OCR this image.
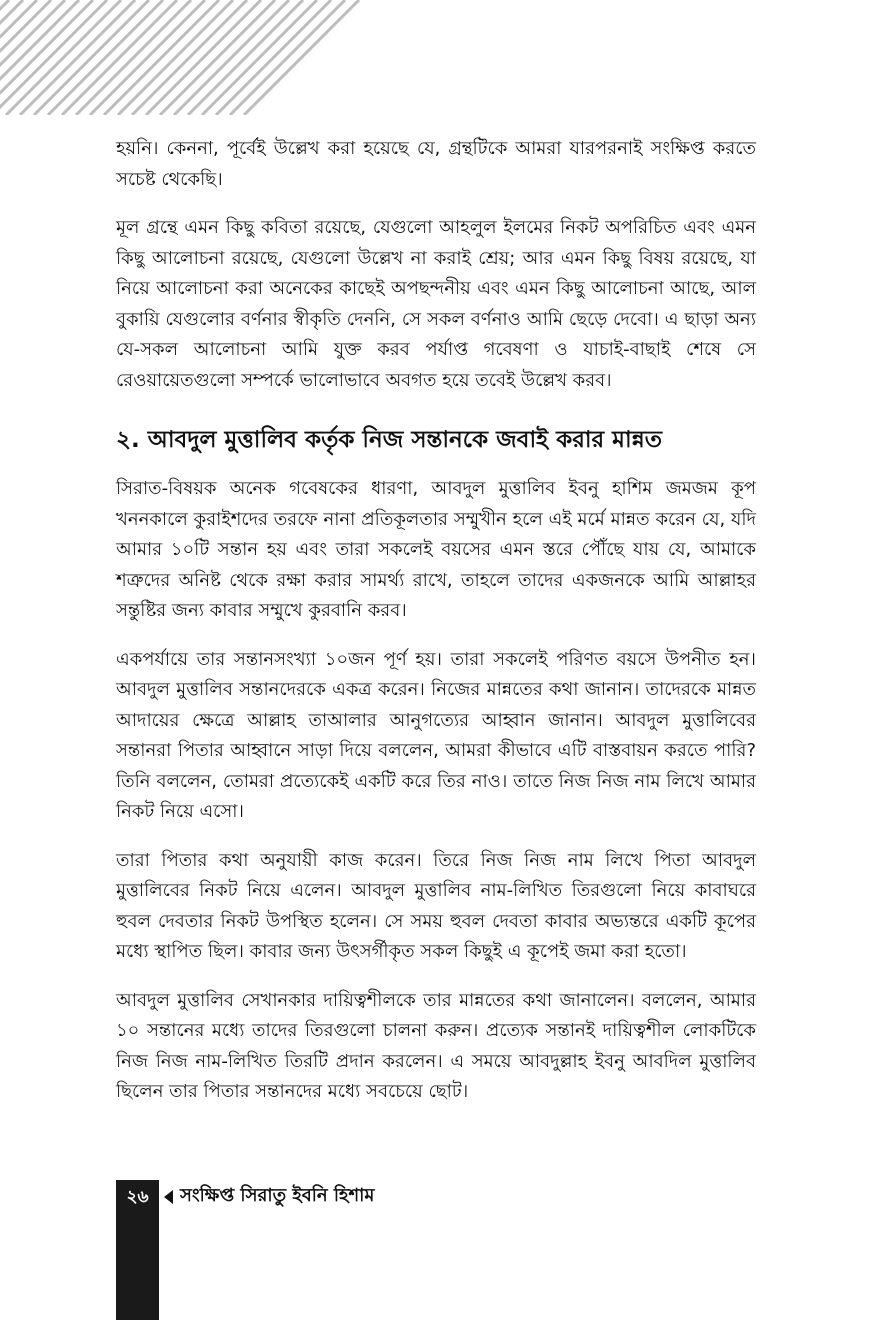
হয়নি। কেননা, পূর্বেই উল্লেখ করা হয়েছে যে, গ্রন্থটিকে আমরা যারপরনাই সংক্ষিপ্ত করতে সচেষ্ট থেকেছি।

মূল গ্রন্থে এমন কিছু কবিতা রয়েছে, যেগুলো আহলুল ইলমের নিকট অপরিচিত এবং এমন কিছু আলোচনা রয়েছে, যেগুলো উল্লেখ না করাই শ্রেয়; আর এমন কিছু বিষয় রয়েছে, যা নিয়ে আলোচনা করা অনেকের কাছেই অপছন্দনীয় এবং এমন কিছু আলোচনা আছে, আল বুকায়ি যেগুলোর বর্ণনার স্বীকৃতি দেননি, সে সকল বর্ণনাও আমি ছেড়ে দেবো। এ ছাড়া অন্য যে-সকল আলোচনা আমি যুক্ত করব পর্যাপ্ত গবেষণা ও যাচাই-বাছাই শেষে সে রেওয়ায়েতগুলো সম্পর্কে ভালোভাবে অবগত হয়ে তবেই উল্লেখ করব।

২. আবদুল মুত্তালিব কর্তৃক নিজ সন্তানকে জবাই করার মান্নত

সিরাত-বিষয়ক অনেক গবেষকের ধারণা, আবদুল মুত্তালিব ইবনু হাশিম জমজম কূপ খননকালে কুরাইশদের তরফে নানা প্রতিকূলতার সম্মুখীন হলে এই মর্মে মান্নত করেন যে, যদি আমার ১০টি সন্তান হয় এবং তারা সকলেই বয়সের এমন স্তরে পৌঁছে যায় যে, আমাকে শত্রুদের অনিষ্ট থেকে রক্ষা করার সামর্থ্য রাখে, তাহলে তাদের একজনকে আমি আল্লাহর সন্তুষ্টির জন্য কাবার সম্মুখে কুরবানি করব।

একপর্যায়ে তার সন্তানসংখ্যা ১০জন পূর্ণ হয়। তারা সকলেই পরিণত বয়সে উপনীত হন। আবদুল মুত্তালিব সন্তানদেরকে একত্র করেন। নিজের মান্নতের কথা জানান। তাদেরকে মান্নত আদায়ের ক্ষেত্রে আল্লাহ তাআলার আনুগত্যের আহ্বান জানান। আবদুল মুত্তালিবের সন্তানরা পিতার আহ্বানে সাড়া দিয়ে বললেন, আমরা কীভাবে এটি বাস্তবায়ন করতে পারি? তিনি বললেন, তোমরা প্রত্যেকেই একটি করে তির নাও। তাতে নিজ নিজ নাম লিখে আমার নিকট নিয়ে এসো।

তারা পিতার কথা অনুযায়ী কাজ করেন। তিরে নিজ নিজ নাম লিখে পিতা আবদুল মুত্তালিবের নিকট নিয়ে এলেন। আবদুল মুত্তালিব নাম-লিখিত তিরগুলো নিয়ে কাবাঘরে হুবল দেবতার নিকট উপস্থিত হলেন। সে সময় হুবল দেবতা কাবার অভ্যন্তরে একটি কূপের মধ্যে স্থাপিত ছিল। কাবার জন্য উৎসর্গীকৃত সকল কিছুই এ কূপেই জমা করা হতো।

আবদুল মুত্তালিব সেখানকার দায়িত্বশীলকে তার মান্নতের কথা জানালেন। বললেন, আমার ১০ সন্তানের মধ্যে তাদের তিরগুলো চালনা করুন। প্রত্যেক সন্তানই দায়িত্বশীল লোকটিকে নিজ নিজ নাম-লিখিত তিরটি প্রদান করলেন। এ সময়ে আবদুল্লাহ ইবনু আবদিল মুত্তালিব ছিলেন তার পিতার সন্তানদের মধ্যে সবচেয়ে ছোট।

২৬	সংক্ষিপ্ত সিরাতু ইবনি হিশাম
